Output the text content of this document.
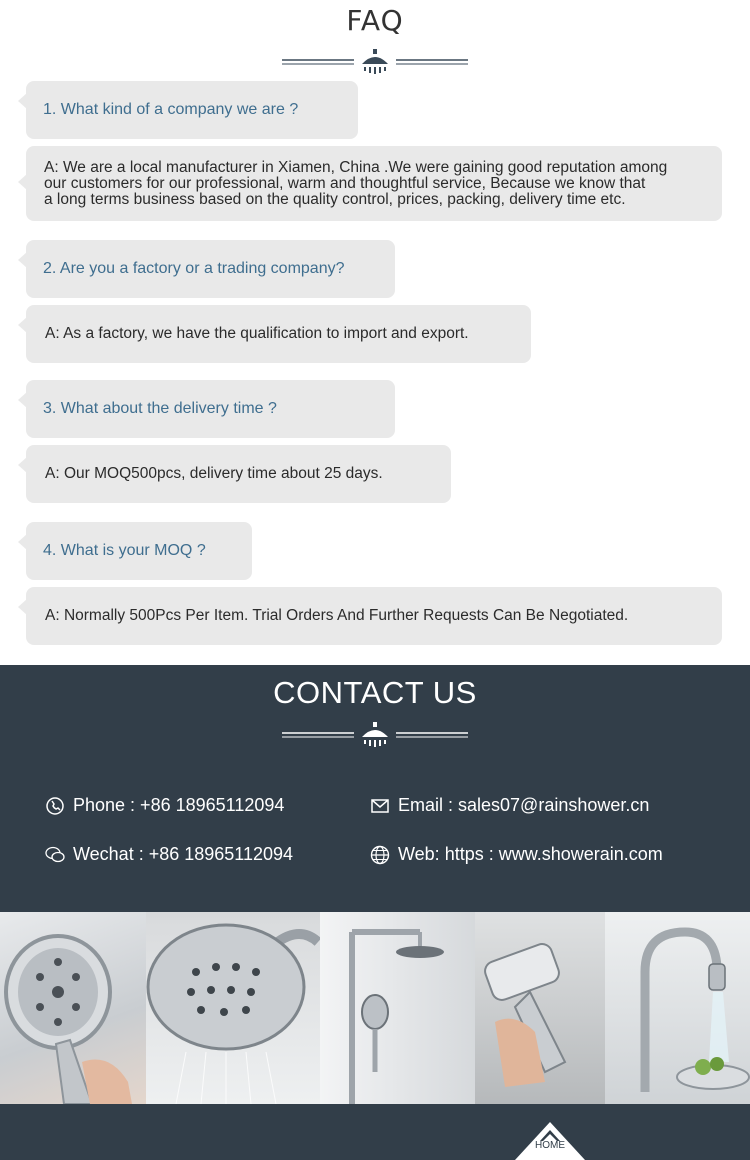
FAQ
1. What kind of a company we are ?
A: We are a local manufacturer in Xiamen, China .We were gaining good reputation among
our customers for our professional, warm and thoughtful service, Because we know that
a long terms business based on the quality control, prices, packing, delivery time etc.
2. Are you a factory or a trading company?
A: As a factory, we have the qualification to import and export.
3. What about the delivery time ?
A: Our MOQ500pcs, delivery time about 25 days.
4. What is your MOQ ?
A: Normally 500Pcs Per Item. Trial Orders And Further Requests Can Be Negotiated.
CONTACT US
Phone : +86 18965112094	Email : sales07@rainshower.cn
Wechat : +86 18965112094	Web: https : www.showerain.com
HOME
